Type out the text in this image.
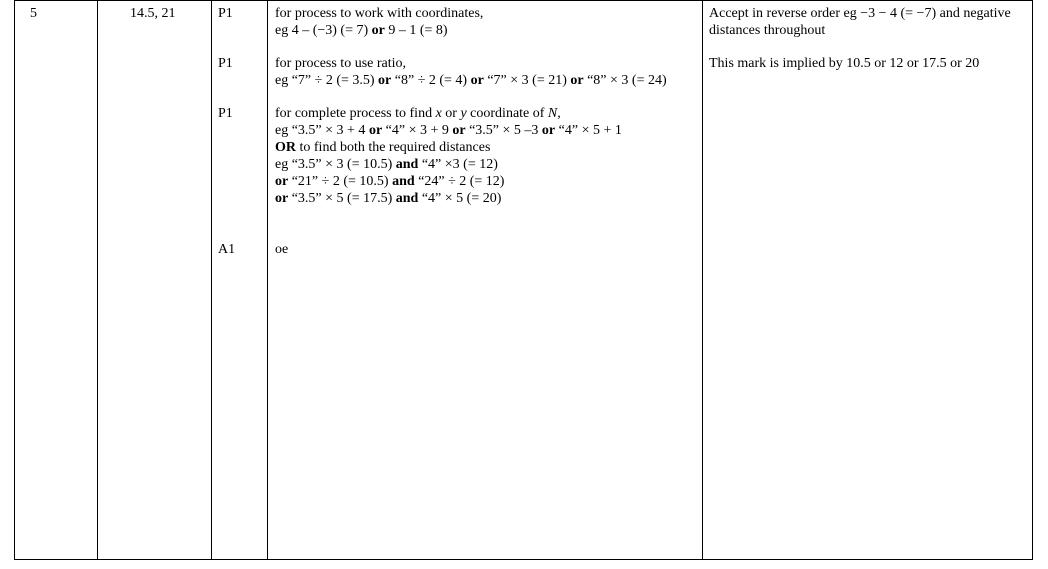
5	14.5, 21	P1
P1
P1
A1
for process to work with coordinates,
eg 4 – (−3) (= 7) or 9 – 1 (= 8)
for process to use ratio,
eg “7” ÷ 2 (= 3.5) or “8” ÷ 2 (= 4) or “7” × 3 (= 21) or “8” × 3 (= 24)
for complete process to find x or y coordinate of N,
eg “3.5” × 3 + 4 or “4” × 3 + 9 or “3.5” × 5 –3 or “4” × 5 + 1
OR to find both the required distances
eg “3.5” × 3 (= 10.5) and “4” ×3 (= 12)
or “21” ÷ 2 (= 10.5) and “24” ÷ 2 (= 12)
or “3.5” × 5 (= 17.5) and “4” × 5 (= 20)
oe
Accept in reverse order eg −3 − 4 (= −7) and negative
distances throughout
This mark is implied by 10.5 or 12 or 17.5 or 20
